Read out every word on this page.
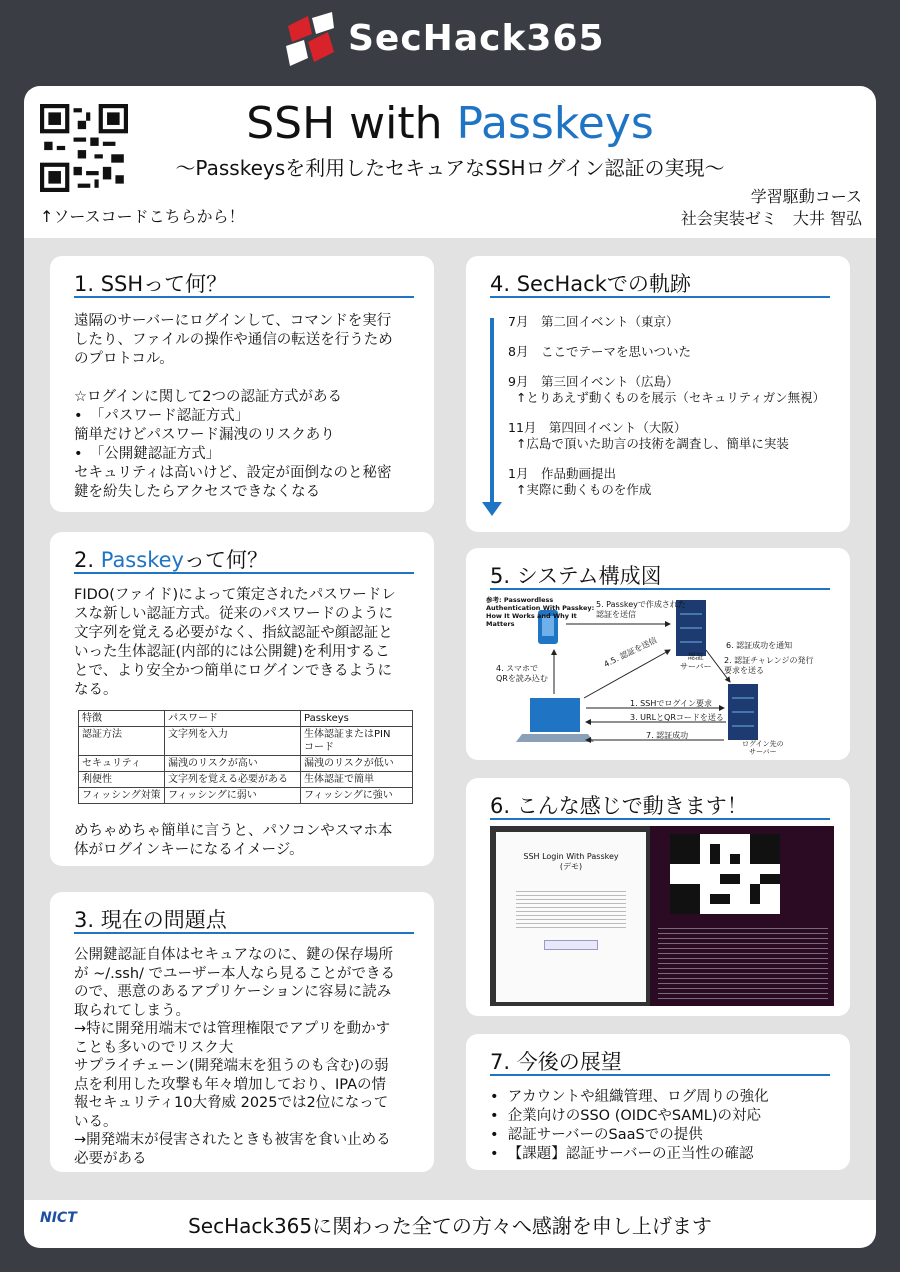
SecHack365
↑ソースコードこちらから！
SSH with Passkeys
～Passkeysを利用したセキュアなSSHログイン認証の実現～
学習駆動コース
社会実装ゼミ　大井 智弘
1. SSHって何？
遠隔のサーバーにログインして、コマンドを実行
したり、ファイルの操作や通信の転送を行うため
のプロトコル。

☆ログインに関して2つの認証方式がある
•　「パスワード認証方式」
簡単だけどパスワード漏洩のリスクあり
•　「公開鍵認証方式」
セキュリティは高いけど、設定が面倒なのと秘密
鍵を紛失したらアクセスできなくなる
2. Passkeyって何？
FIDO(ファイド)によって策定されたパスワードレ
スな新しい認証方式。従来のパスワードのように
文字列を覚える必要がなく、指紋認証や顔認証と
いった生体認証(内部的には公開鍵)を利用するこ
とで、より安全かつ簡単にログインできるように
なる。
特徴	パスワード	Passkeys
認証方法	文字列を入力	生体認証またはPIN
コード
セキュリティ	漏洩のリスクが高い	漏洩のリスクが低い
利便性	文字列を覚える必要がある	生体認証で簡単
フィッシング対策	フィッシングに弱い	フィッシングに強い
めちゃめちゃ簡単に言うと、パソコンやスマホ本
体がログインキーになるイメージ。
3. 現在の問題点
公開鍵認証自体はセキュアなのに、鍵の保存場所
が ~/.ssh/ でユーザー本人なら見ることができる
ので、悪意のあるアプリケーションに容易に読み
取られてしまう。
→特に開発用端末では管理権限でアプリを動かす
ことも多いのでリスク大
サプライチェーン(開発端末を狙うのも含む)の弱
点を利用した攻撃も年々増加しており、IPAの情
報セキュリティ10大脅威 2025では2位になって
いる。
→開発端末が侵害されたときも被害を食い止める
必要がある
4. SecHackでの軌跡
7月　第二回イベント（東京）
8月　ここでテーマを思いついた
9月　第三回イベント（広島）
↑とりあえず動くものを展示（セキュリティガン無視）
11月　第四回イベント（大阪）
↑広島で頂いた助言の技術を調査し、簡単に実装
1月　作品動画提出
↑実際に動くものを作成
5. システム構成図
参考: Passwordless
Authentication With Passkey:
How It Works and Why It
Matters
5. Passkeyで作成された
認証を送信
4. スマホで
QRを読み込む
4.5. 認証を送信	認証
サーバー
6. 認証成功を通知
2. 認証チャレンジの発行
要求を送る
1. SSHでログイン要求
3. URLとQRコードを送る
7. 認証成功
ログイン先の
サーバー
6. こんな感じで動きます！
SSH Login With Passkey
(デモ)
7. 今後の展望
•  アカウントや組織管理、ログ周りの強化
•  企業向けのSSO (OIDCやSAML)の対応
•  認証サーバーのSaaSでの提供
•  【課題】認証サーバーの正当性の確認
NICT	SecHack365に関わった全ての方々へ感謝を申し上げます
